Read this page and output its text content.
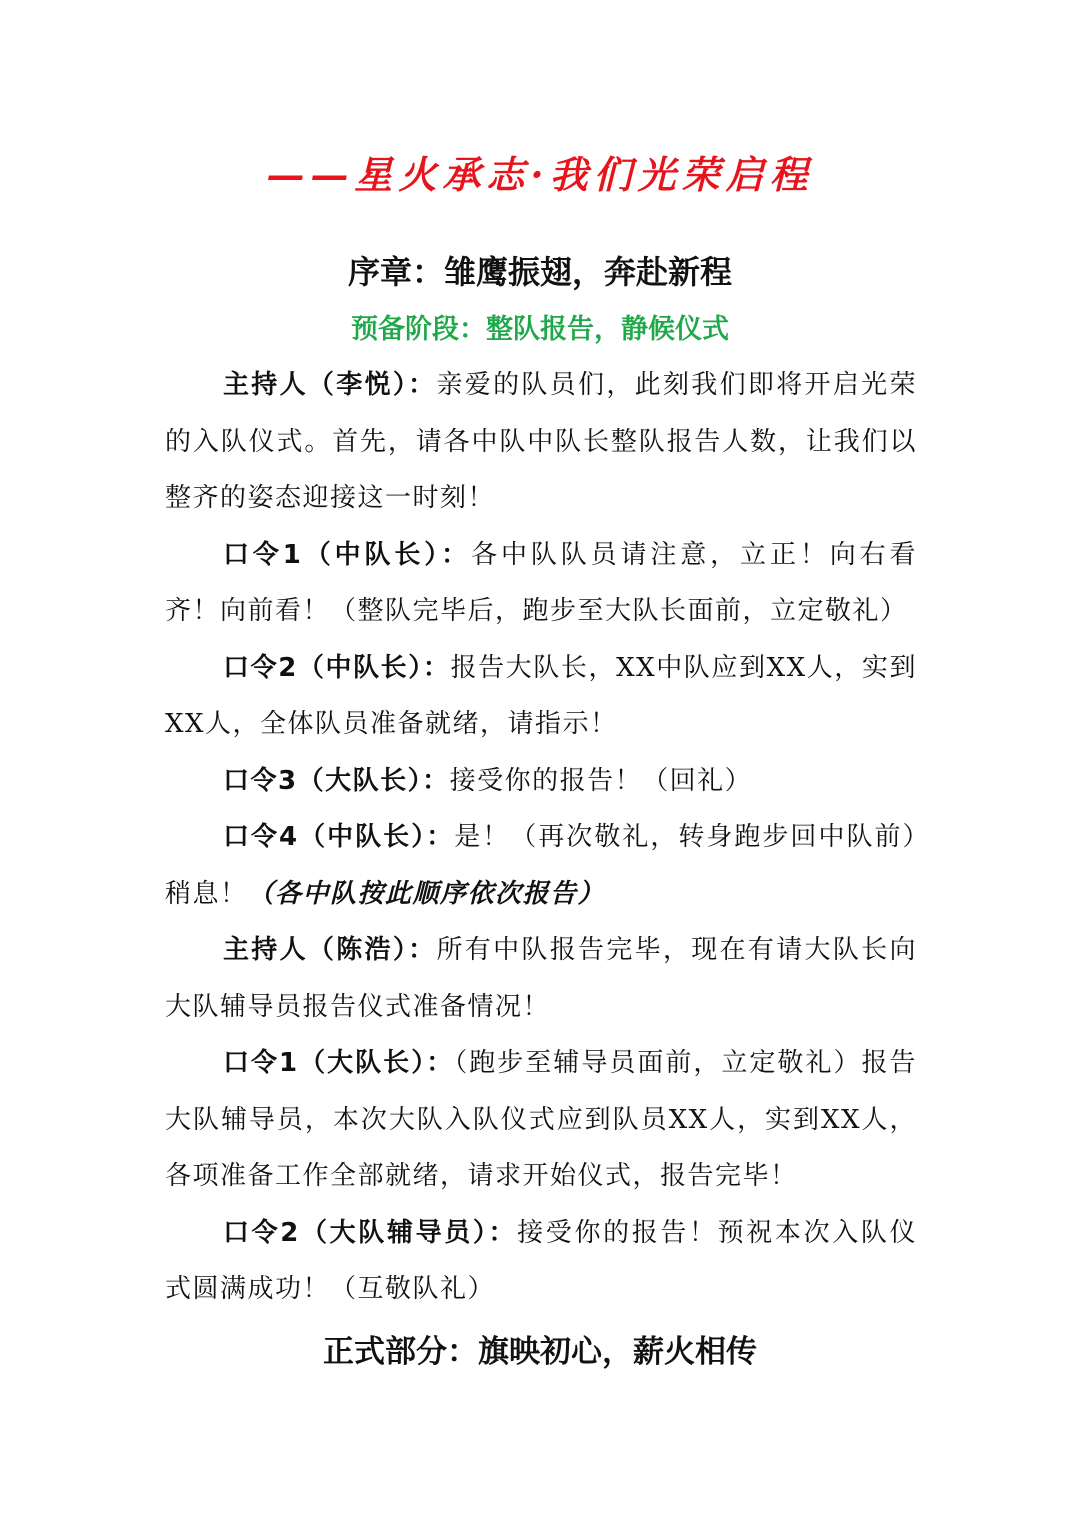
——星火承志·我们光荣启程
序章：雏鹰振翅，奔赴新程
预备阶段：整队报告，静候仪式

主持人（李悦）：亲爱的队员们，此刻我们即将开启光荣的入队仪式。首先，请各中队中队长整队报告人数，让我们以整齐的姿态迎接这一时刻！

口令1（中队长）：各中队队员请注意，立正！向右看齐！向前看！（整队完毕后，跑步至大队长面前，立定敬礼）

口令2（中队长）：报告大队长，XX中队应到XX人，实到XX人，全体队员准备就绪，请指示！

口令3（大队长）：接受你的报告！（回礼）

口令4（中队长）：是！（再次敬礼，转身跑步回中队前）稍息！（各中队按此顺序依次报告）

主持人（陈浩）：所有中队报告完毕，现在有请大队长向大队辅导员报告仪式准备情况！

口令1（大队长）：（跑步至辅导员面前，立定敬礼）报告大队辅导员，本次大队入队仪式应到队员XX人，实到XX人，各项准备工作全部就绪，请求开始仪式，报告完毕！

口令2（大队辅导员）：接受你的报告！预祝本次入队仪式圆满成功！（互敬队礼）

正式部分：旗映初心，薪火相传
